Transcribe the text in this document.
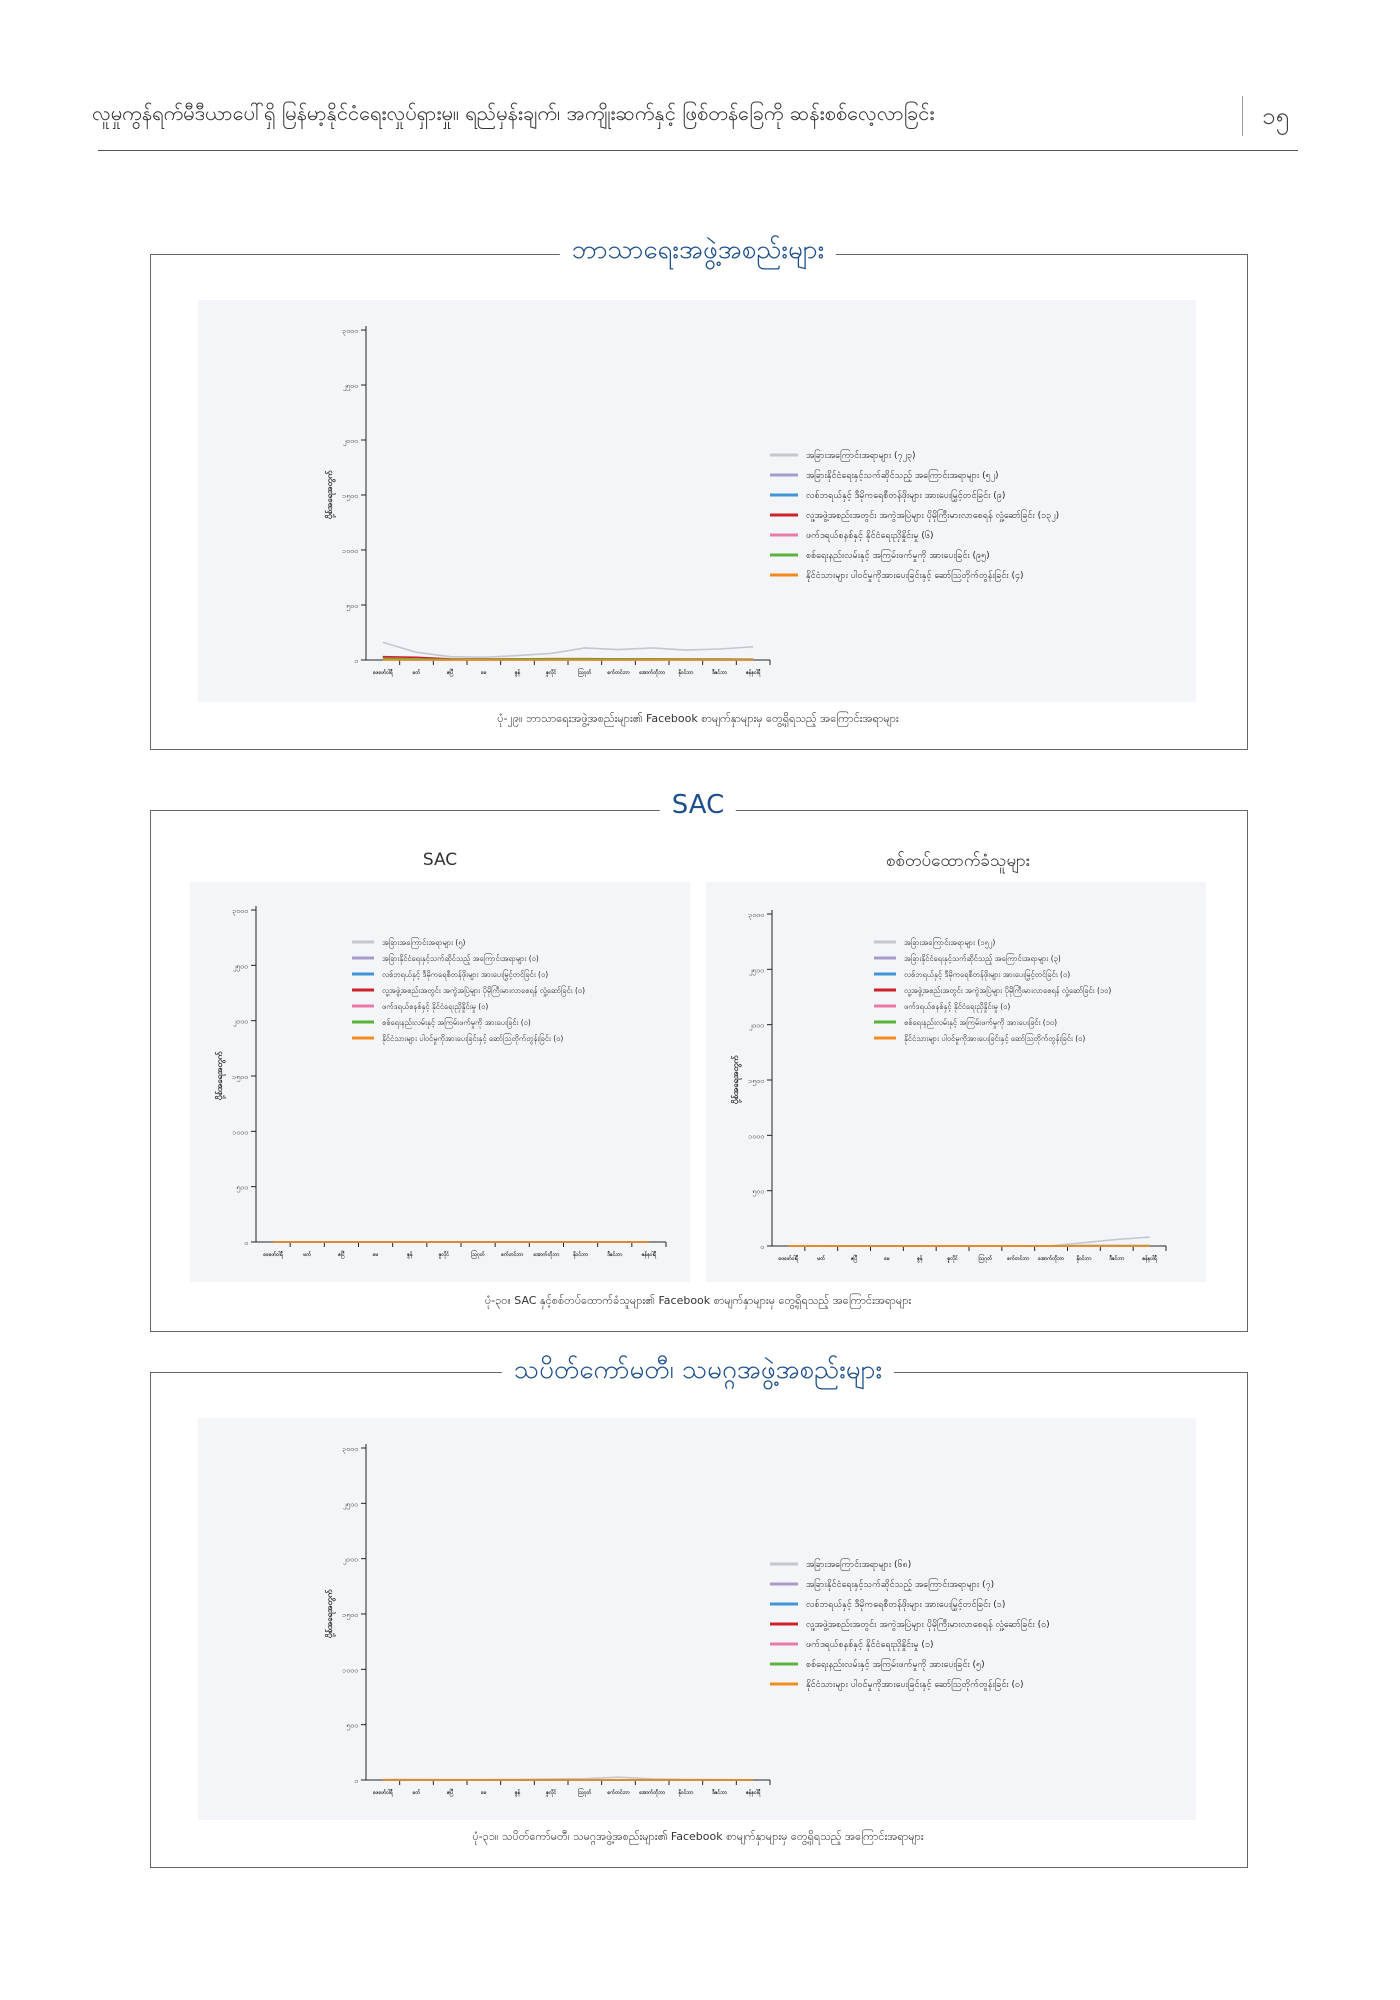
လူမှုကွန်ရက်မီဒီယာပေါ်ရှိ မြန်မာ့နိုင်ငံရေးလှုပ်ရှားမှု။ ရည်မှန်းချက်၊ အကျိုးဆက်နှင့် ဖြစ်တန်ခြေကို ဆန်းစစ်လေ့လာခြင်း	၁၅
ဘာသာရေးအဖွဲ့အစည်းများ
၀
၅၀၀
၁၀၀၀
၁၅၀၀
၂၀၀၀
၂၅၀၀
၃၀၀၀
ပို့စ်အရေအတွက်
ဖေဖော်ဝါရီ	မတ်	ဧပြီ	မေ	ဇွန်	ဇူလိုင်	ဩဂုတ်	စက်တင်ဘာ အောက်တိုဘာ	နိုဝင်ဘာ	ဒီဇင်ဘာ	ဇန်နဝါရီ
အခြားအကြောင်းအရာများ (၇၂၃)
အခြားနိုင်ငံရေးနှင့်သက်ဆိုင်သည့် အကြောင်းအရာများ (၅၂)
လစ်ဘရယ်နှင့် ဒီမိုကရေစီတန်ဖိုးများ အားပေးမြှင့်တင်ခြင်း (၉)
လူ့အဖွဲ့အစည်းအတွင်း အကွဲအပြဲများ ပိုမိုကြီးမားလာစေရန် လှုံ့ဆော်ခြင်း (၁၃၂)
ဖက်ဒရယ်စနစ်နှင့် နိုင်ငံရေးညှိနှိုင်းမှု (၆)
စစ်ရေးနည်းလမ်းနှင့် အကြမ်းဖက်မှုကို အားပေးခြင်း (၉၅)
နိုင်ငံသားများ ပါဝင်မှုကိုအားပေးခြင်းနှင့် ဆော်ဩတိုက်တွန်းခြင်း (၄)
ပုံ-၂၉။ ဘာသာရေးအဖွဲ့အစည်းများ၏ Facebook စာမျက်နှာများမှ တွေ့ရှိရသည့် အကြောင်းအရာများ
SAC
SAC	စစ်တပ်ထောက်ခံသူများ
၀
၅၀၀
၁၀၀၀
၁၅၀၀
၂၀၀၀
၂၅၀၀
၃၀၀၀
ပို့စ်အရေအတွက်
ဖေဖော်ဝါရီ	မတ်	ဧပြီ	မေ	ဇွန်	ဇူလိုင်	ဩဂုတ်	စက်တင်ဘာ အောက်တိုဘာ	နိုဝင်ဘာ	ဒီဇင်ဘာ	ဇန်နဝါရီ
အခြားအကြောင်းအရာများ (၅)
အခြားနိုင်ငံရေးနှင့်သက်ဆိုင်သည့် အကြောင်းအရာများ (၀)
လစ်ဘရယ်နှင့် ဒီမိုကရေစီတန်ဖိုးများ အားပေးမြှင့်တင်ခြင်း (၀)
လူ့အဖွဲ့အစည်းအတွင်း အကွဲအပြဲများ ပိုမိုကြီးမားလာစေရန် လှုံ့ဆော်ခြင်း (၀)
ဖက်ဒရယ်စနစ်နှင့် နိုင်ငံရေးညှိနှိုင်းမှု (၀)
စစ်ရေးနည်းလမ်းနှင့် အကြမ်းဖက်မှုကို အားပေးခြင်း (၀)
နိုင်ငံသားများ ပါဝင်မှုကိုအားပေးခြင်းနှင့် ဆော်ဩတိုက်တွန်းခြင်း (၀)
၀
၅၀၀
၁၀၀၀
၁၅၀၀
၂၀၀၀
၂၅၀၀
၃၀၀၀
ပို့စ်အရေအတွက်
ဖေဖော်ဝါရီ	မတ်	ဧပြီ	မေ	ဇွန်	ဇူလိုင်	ဩဂုတ်	စက်တင်ဘာ အောက်တိုဘာ နိုဝင်ဘာ	ဒီဇင်ဘာ	ဇန်နဝါရီ
အခြားအကြောင်းအရာများ (၁၅၂)
အခြားနိုင်ငံရေးနှင့်သက်ဆိုင်သည့် အကြောင်းအရာများ (၃)
လစ်ဘရယ်နှင့် ဒီမိုကရေစီတန်ဖိုးများ အားပေးမြှင့်တင်ခြင်း (၀)
လူ့အဖွဲ့အစည်းအတွင်း အကွဲအပြဲများ ပိုမိုကြီးမားလာစေရန် လှုံ့ဆော်ခြင်း (၁၀)
ဖက်ဒရယ်စနစ်နှင့် နိုင်ငံရေးညှိနှိုင်းမှု (၀)
စစ်ရေးနည်းလမ်းနှင့် အကြမ်းဖက်မှုကို အားပေးခြင်း (၁၀)
နိုင်ငံသားများ ပါဝင်မှုကိုအားပေးခြင်းနှင့် ဆော်ဩတိုက်တွန်းခြင်း (၀)
ပုံ-၃၀။ SAC နှင့်စစ်တပ်ထောက်ခံသူများ၏ Facebook စာမျက်နှာများမှ တွေ့ရှိရသည့် အကြောင်းအရာများ
သပိတ်ကော်မတီ၊ သမဂ္ဂအဖွဲ့အစည်းများ
၀
၅၀၀
၁၀၀၀
၁၅၀၀
၂၀၀၀
၂၅၀၀
၃၀၀၀
ပို့စ်အရေအတွက်
ဖေဖော်ဝါရီ	မတ်	ဧပြီ	မေ	ဇွန်	ဇူလိုင်	ဩဂုတ်	စက်တင်ဘာ အောက်တိုဘာ	နိုဝင်ဘာ	ဒီဇင်ဘာ	ဇန်နဝါရီ
အခြားအကြောင်းအရာများ (၆၈)
အခြားနိုင်ငံရေးနှင့်သက်ဆိုင်သည့် အကြောင်းအရာများ (၇)
လစ်ဘရယ်နှင့် ဒီမိုကရေစီတန်ဖိုးများ အားပေးမြှင့်တင်ခြင်း (၁)
လူ့အဖွဲ့အစည်းအတွင်း အကွဲအပြဲများ ပိုမိုကြီးမားလာစေရန် လှုံ့ဆော်ခြင်း (၀)
ဖက်ဒရယ်စနစ်နှင့် နိုင်ငံရေးညှိနှိုင်းမှု (၁)
စစ်ရေးနည်းလမ်းနှင့် အကြမ်းဖက်မှုကို အားပေးခြင်း (၅)
နိုင်ငံသားများ ပါဝင်မှုကိုအားပေးခြင်းနှင့် ဆော်ဩတိုက်တွန်းခြင်း (၀)
ပုံ-၃၁။ သပိတ်ကော်မတီ၊ သမဂ္ဂအဖွဲ့အစည်းများ၏ Facebook စာမျက်နှာများမှ တွေ့ရှိရသည့် အကြောင်းအရာများ
